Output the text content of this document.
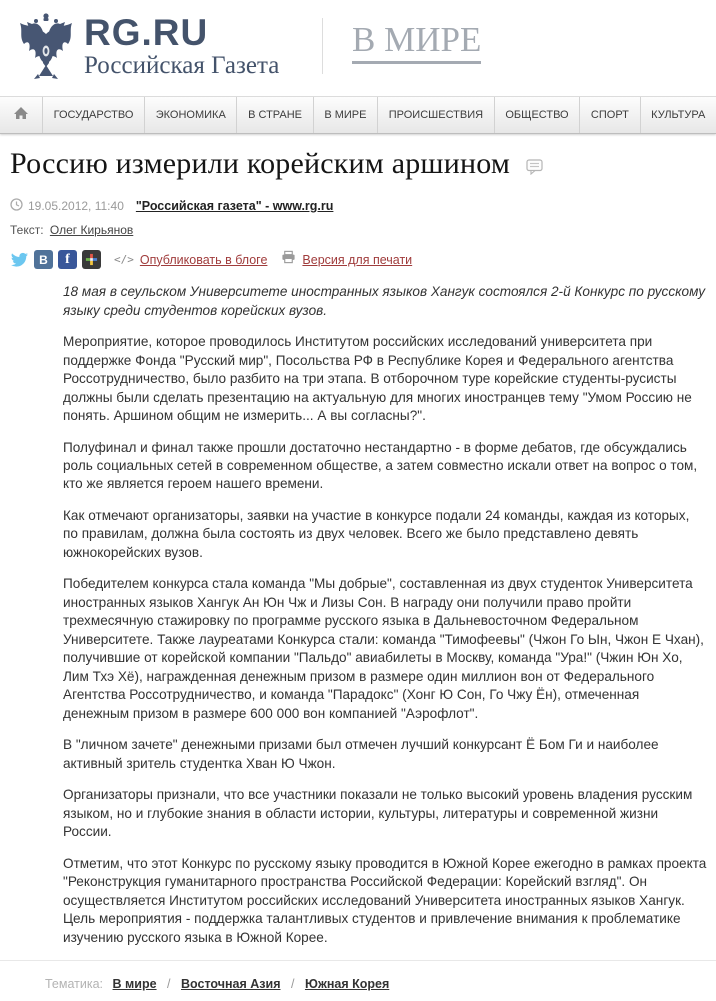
RG.RU
Российская Газета
В МИРЕ
ГОСУДАРСТВО	ЭКОНОМИКА	В СТРАНЕ	В МИРЕ	ПРОИСШЕСТВИЯ	ОБЩЕСТВО	СПОРТ	КУЛЬТУРА
Россию измерили корейским аршином
19.05.2012, 11:40 "Российская газета" - www.rg.ru
Текст: Олег Кирьянов
B f	</> Опубликовать в блоге	Версия для печати

18 мая в сеульском Университете иностранных языков Хангук состоялся 2-й Конкурс по русскому языку среди студентов корейских вузов.

Мероприятие, которое проводилось Институтом российских исследований университета при поддержке Фонда "Русский мир", Посольства РФ в Республике Корея и Федерального агентства Россотрудничество, было разбито на три этапа. В отборочном туре корейские студенты-русисты должны были сделать презентацию на актуальную для многих иностранцев тему "Умом Россию не понять. Аршином общим не измерить... А вы согласны?".

Полуфинал и финал также прошли достаточно нестандартно - в форме дебатов, где обсуждались роль социальных сетей в современном обществе, а затем совместно искали ответ на вопрос о том, кто же является героем нашего времени.

Как отмечают организаторы, заявки на участие в конкурсе подали 24 команды, каждая из которых, по правилам, должна была состоять из двух человек. Всего же было представлено девять южнокорейских вузов.

Победителем конкурса стала команда "Мы добрые", составленная из двух студенток Университета иностранных языков Хангук Ан Юн Чж и Лизы Сон. В награду они получили право пройти трехмесячную стажировку по программе русского языка в Дальневосточном Федеральном Университете. Также лауреатами Конкурса стали: команда "Тимофеевы" (Чжон Го Ын, Чжон Е Чхан), получившие от корейской компании "Пальдо" авиабилеты в Москву, команда "Ура!" (Чжин Юн Хо, Лим Тхэ Хё), награжденная денежным призом в размере один миллион вон от Федерального Агентства Россотрудничество, и команда "Парадокс" (Хонг Ю Сон, Го Чжу Ён), отмеченная денежным призом в размере 600 000 вон компанией "Аэрофлот".

В "личном зачете" денежными призами был отмечен лучший конкурсант Ё Бом Ги и наиболее активный зритель студентка Хван Ю Чжон.

Организаторы признали, что все участники показали не только высокий уровень владения русским языком, но и глубокие знания в области истории, культуры, литературы и современной жизни России.

Отметим, что этот Конкурс по русскому языку проводится в Южной Корее ежегодно в рамках проекта "Реконструкция гуманитарного пространства Российской Федерации: Корейский взгляд". Он осуществляется Институтом российских исследований Университета иностранных языков Хангук. Цель мероприятия - поддержка талантливых студентов и привлечение внимания к проблематике изучению русского языка в Южной Корее.

Тематика: В мире / Восточная Азия / Южная Корея
